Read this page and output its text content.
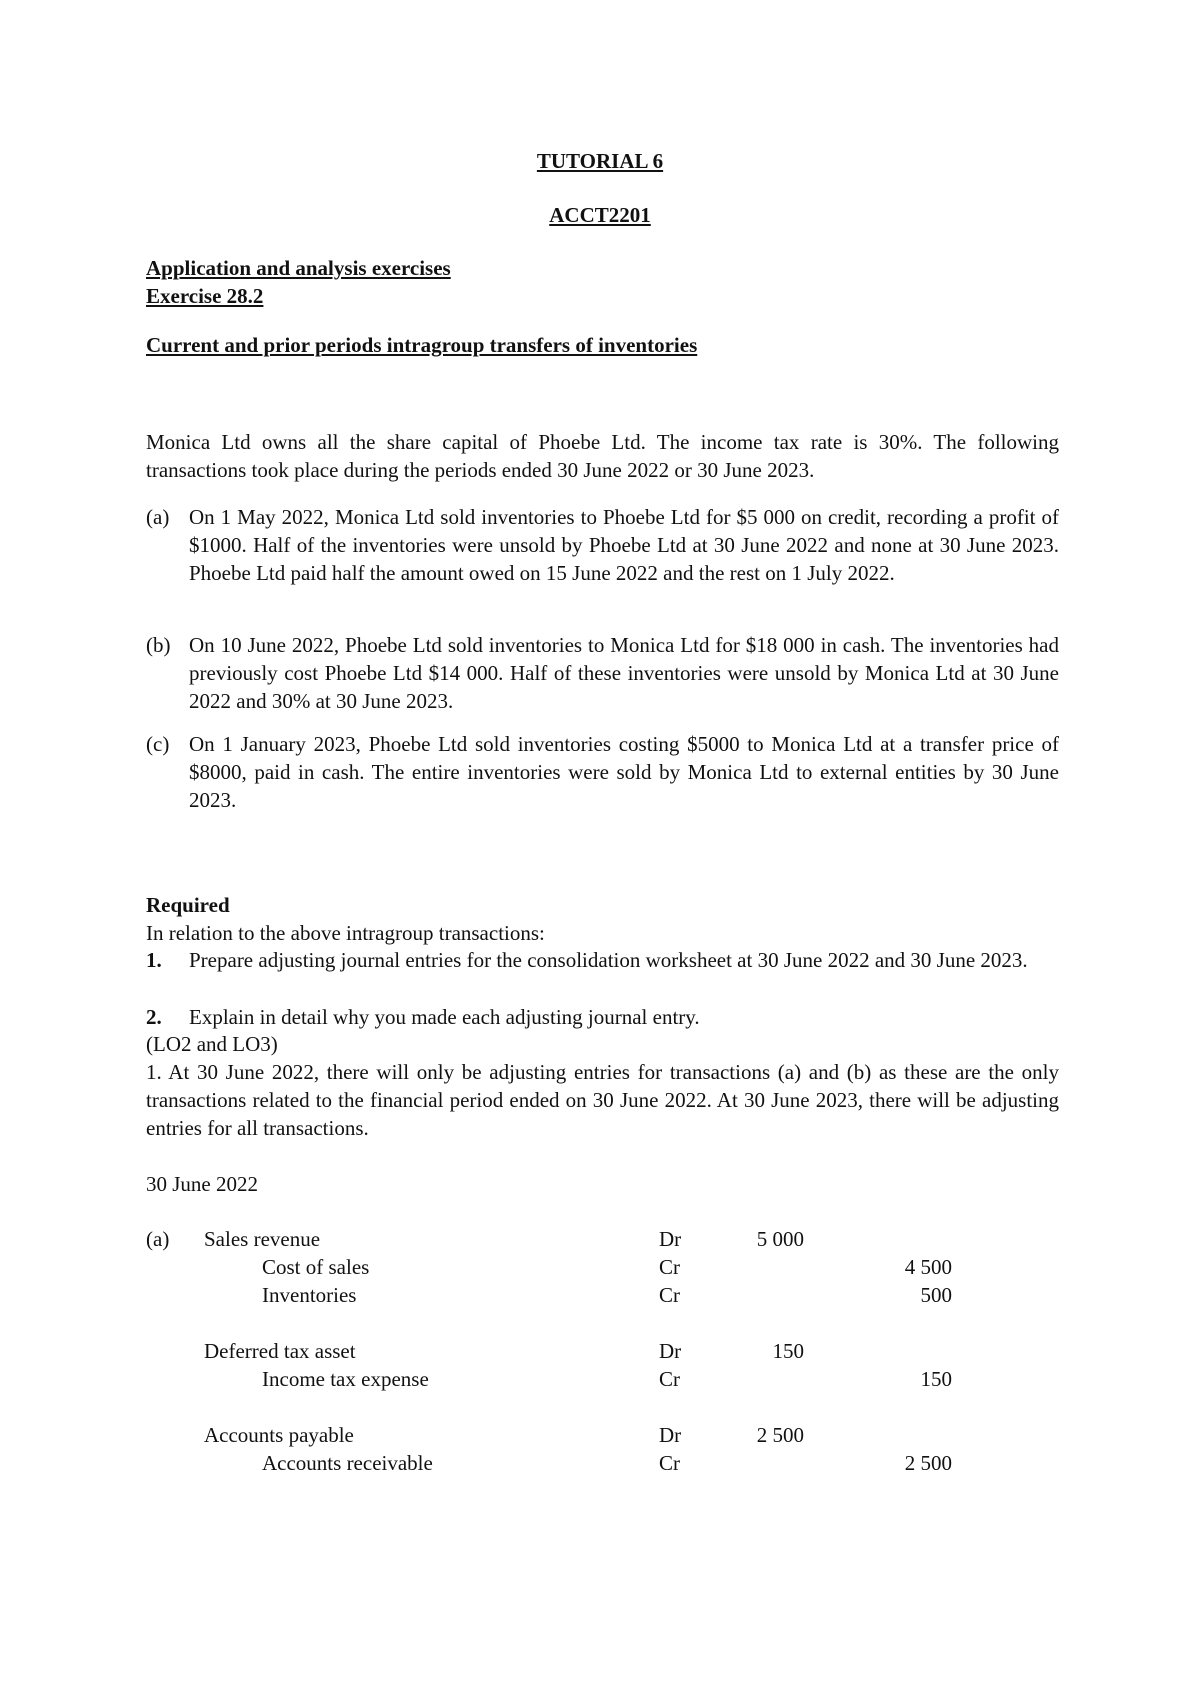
TUTORIAL 6
ACCT2201
Application and analysis exercises
Exercise 28.2
Current and prior periods intragroup transfers of inventories
Monica Ltd owns all the share capital of Phoebe Ltd. The income tax rate is 30%. The following transactions took place during the periods ended 30 June 2022 or 30 June 2023.
(a) On 1 May 2022, Monica Ltd sold inventories to Phoebe Ltd for $5 000 on credit, recording a profit of $1000. Half of the inventories were unsold by Phoebe Ltd at 30 June 2022 and none at 30 June 2023. Phoebe Ltd paid half the amount owed on 15 June 2022 and the rest on 1 July 2022.
(b) On 10 June 2022, Phoebe Ltd sold inventories to Monica Ltd for $18 000 in cash. The inventories had previously cost Phoebe Ltd $14 000. Half of these inventories were unsold by Monica Ltd at 30 June 2022 and 30% at 30 June 2023.
(c) On 1 January 2023, Phoebe Ltd sold inventories costing $5000 to Monica Ltd at a transfer price of $8000, paid in cash. The entire inventories were sold by Monica Ltd to external entities by 30 June 2023.
Required
In relation to the above intragroup transactions:
1. Prepare adjusting journal entries for the consolidation worksheet at 30 June 2022 and 30 June 2023.
2. Explain in detail why you made each adjusting journal entry.
(LO2 and LO3)
1. At 30 June 2022, there will only be adjusting entries for transactions (a) and (b) as these are the only transactions related to the financial period ended on 30 June 2022. At 30 June 2023, there will be adjusting entries for all transactions.
30 June 2022
(a) Sales revenue	Dr	5 000
Cost of sales	Cr	4 500
Inventories	Cr	500
Deferred tax asset	Dr	150
Income tax expense	Cr	150
Accounts payable	Dr	2 500
Accounts receivable	Cr	2 500
